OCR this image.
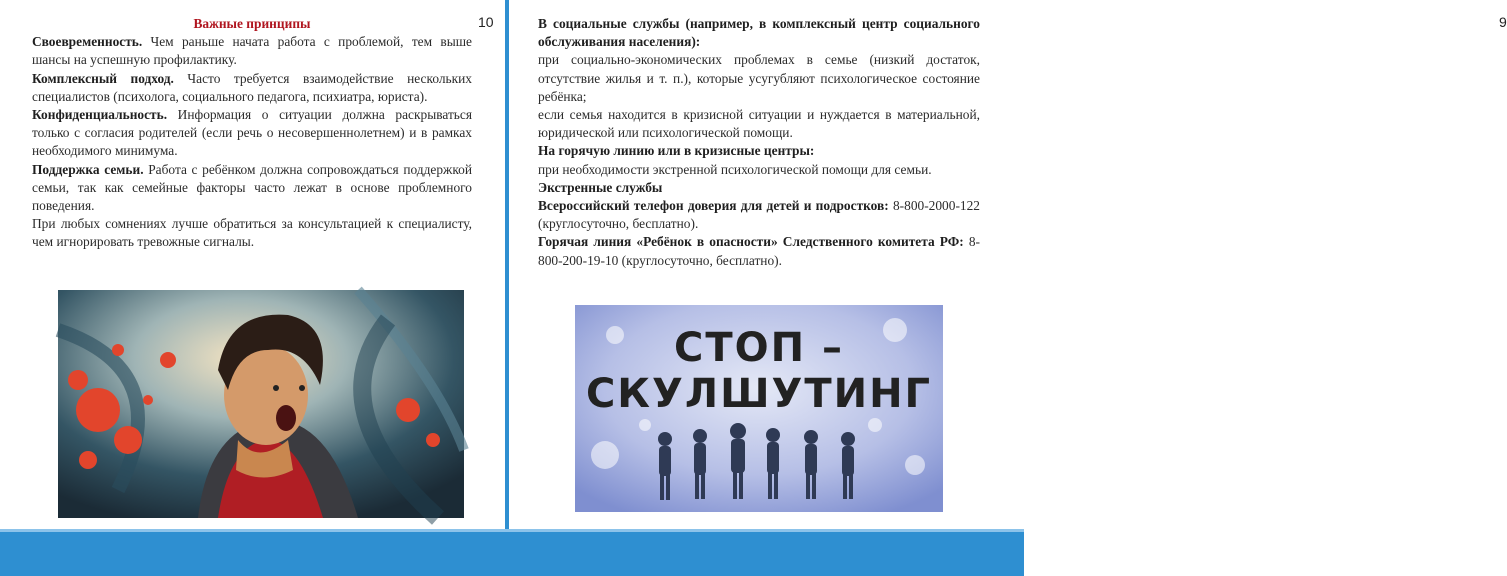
10

Важные принципы

Своевременность. Чем раньше начата работа с проблемой, тем выше шансы на успешную профилактику.

Комплексный подход. Часто требуется взаимодействие нескольких специалистов (психолога, социального педагога, психиатра, юриста).

Конфиденциальность. Информация о ситуации должна раскрываться только с согласия родителей (если речь о несовершеннолетнем) и в рамках необходимого минимума.

Поддержка семьи. Работа с ребёнком должна сопровождаться поддержкой семьи, так как семейные факторы часто лежат в основе проблемного поведения.

При любых сомнениях лучше обратиться за консультацией к специалисту, чем игнорировать тревожные сигналы.

9

В социальные службы (например, в комплексный центр социального обслуживания населения):

при социально-экономических проблемах в семье (низкий достаток, отсутствие жилья и т. п.), которые усугубляют психологическое состояние ребёнка;

если семья находится в кризисной ситуации и нуждается в материальной, юридической или психологической помощи.

На горячую линию или в кризисные центры:

при необходимости экстренной психологической помощи для семьи.

Экстренные службы

Всероссийский телефон доверия для детей и подростков: 8-800-2000-122 (круглосуточно, бесплатно).

Горячая линия «Ребёнок в опасности» Следственного комитета РФ: 8-800-200-19-10 (круглосуточно, бесплатно).

СТОП –
СКУЛШУТИНГ
